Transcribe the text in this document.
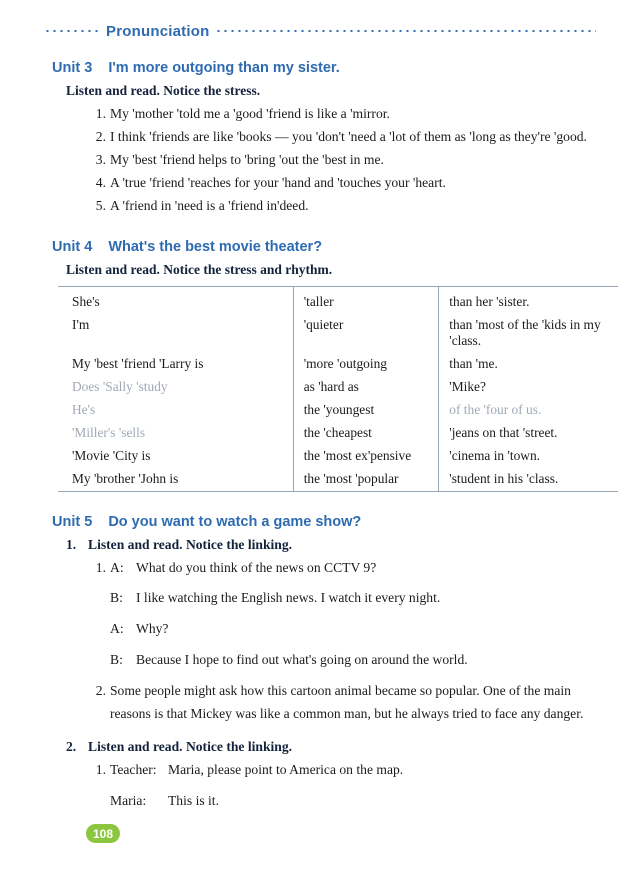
Pronunciation
Unit 3 I'm more outgoing than my sister.
Listen and read. Notice the stress.
1. My 'mother 'told me a 'good 'friend is like a 'mirror.
2. I think 'friends are like 'books — you 'don't 'need a 'lot of them as 'long as they're 'good.
3. My 'best 'friend helps to 'bring 'out the 'best in me.
4. A 'true 'friend 'reaches for your 'hand and 'touches your 'heart.
5. A 'friend in 'need is a 'friend in'deed.
Unit 4 What's the best movie theater?
Listen and read. Notice the stress and rhythm.
She's	'taller	than her 'sister.
I'm	'quieter	than 'most of the 'kids in my 'class.
My 'best 'friend 'Larry is	'more 'outgoing	than 'me.
Does 'Sally 'study	as 'hard as	'Mike?
He's	the 'youngest	of the 'four of us.
'Miller's 'sells	the 'cheapest	'jeans on that 'street.
'Movie 'City is	the 'most ex'pensive	'cinema in 'town.
My 'brother 'John is	the 'most 'popular	'student in his 'class.
Unit 5 Do you want to watch a game show?
1. Listen and read. Notice the linking.
1. A: What do you think of the news on CCTV 9?
B: I like watching the English news. I watch it every night.
A: Why?
B: Because I hope to find out what's going on around the world.
2. Some people might ask how this cartoon animal became so popular. One of the main
reasons is that Mickey was like a common man, but he always tried to face any danger.
2. Listen and read. Notice the linking.
1. Teacher: Maria, please point to America on the map.
Maria: This is it.
108
